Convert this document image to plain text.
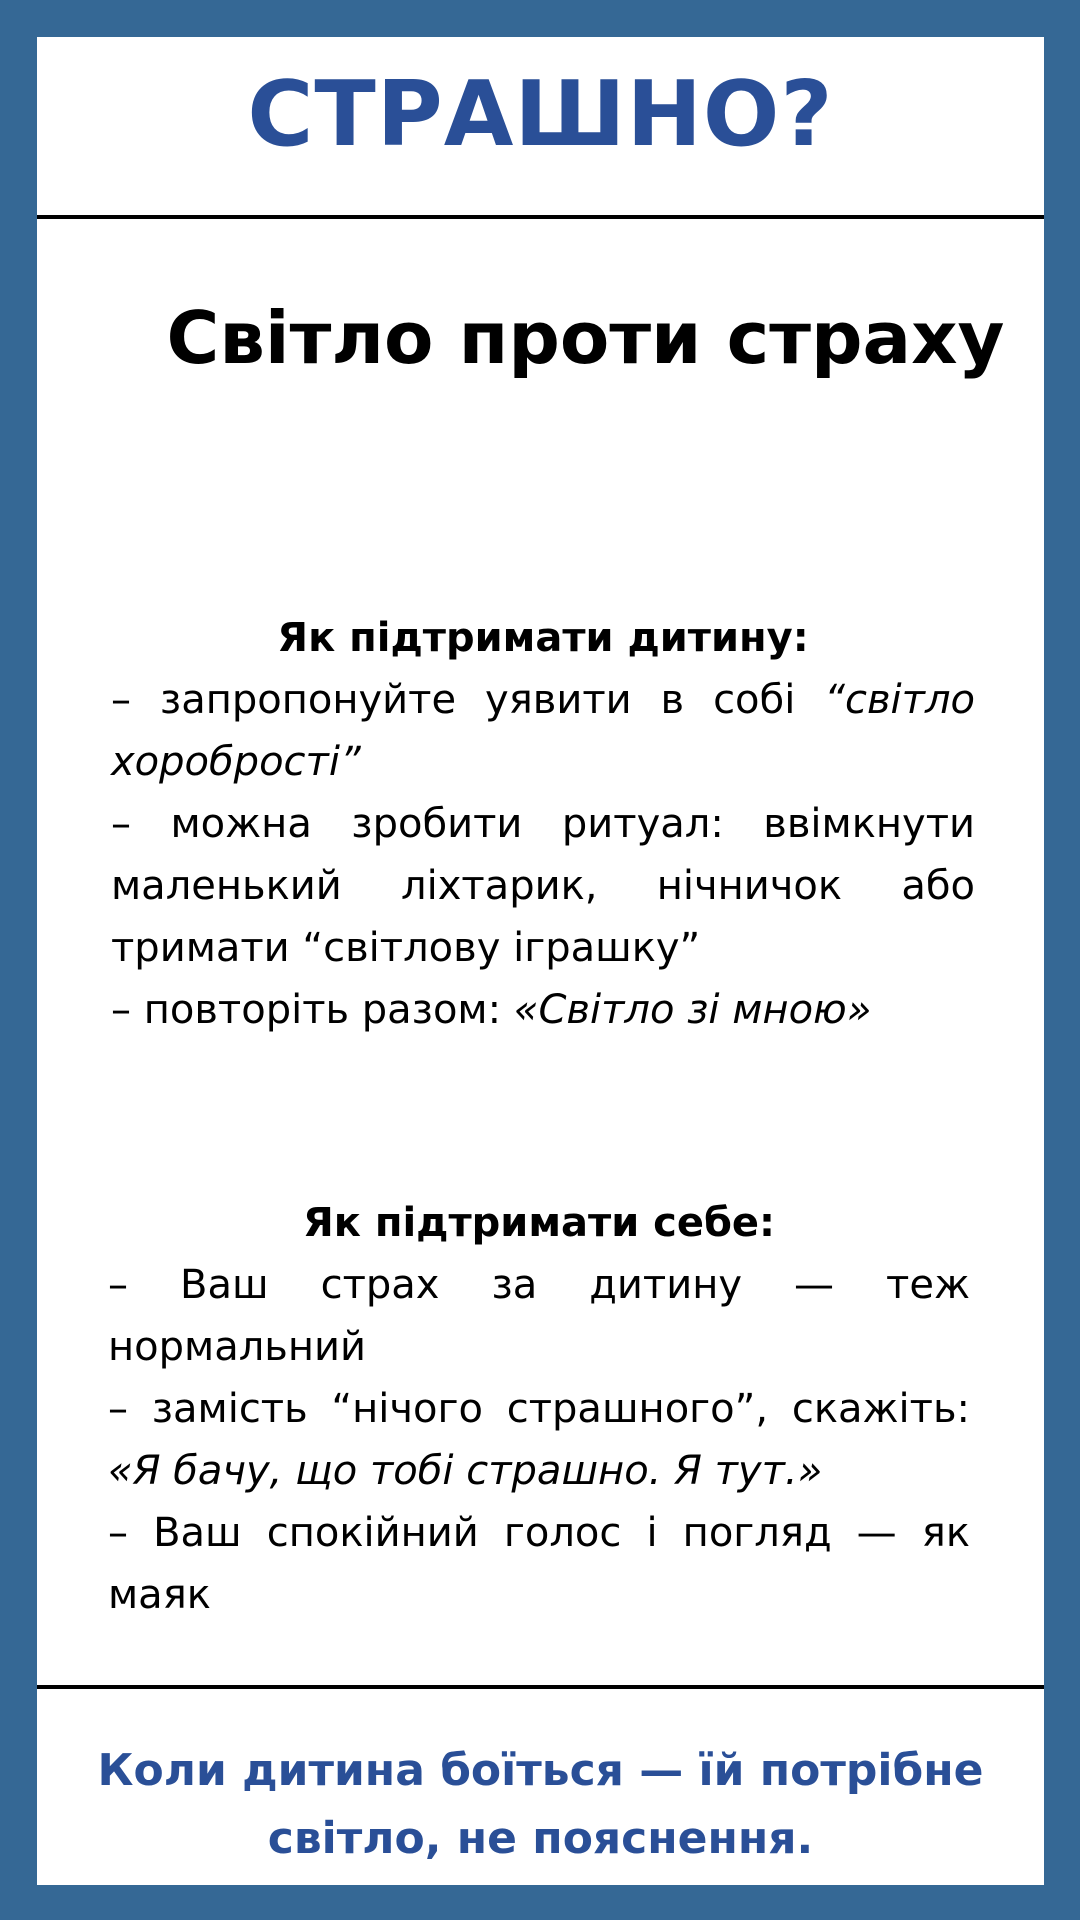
СТРАШНО?
Світло проти страху
Як підтримати дитину:

– запропонуйте уявити в собі “світло хоробрості”

– можна зробити ритуал: ввімкнути маленький ліхтарик, нічничок або тримати “світлову іграшку”

– повторіть разом: «Світло зі мною»

Як підтримати себе:

– Ваш страх за дитину — теж нормальний

– замість “нічого страшного”, скажіть: «Я бачу, що тобі страшно. Я тут.»

– Ваш спокійний голос і погляд — як маяк

Коли дитина боїться — їй потрібне
світло, не пояснення.
